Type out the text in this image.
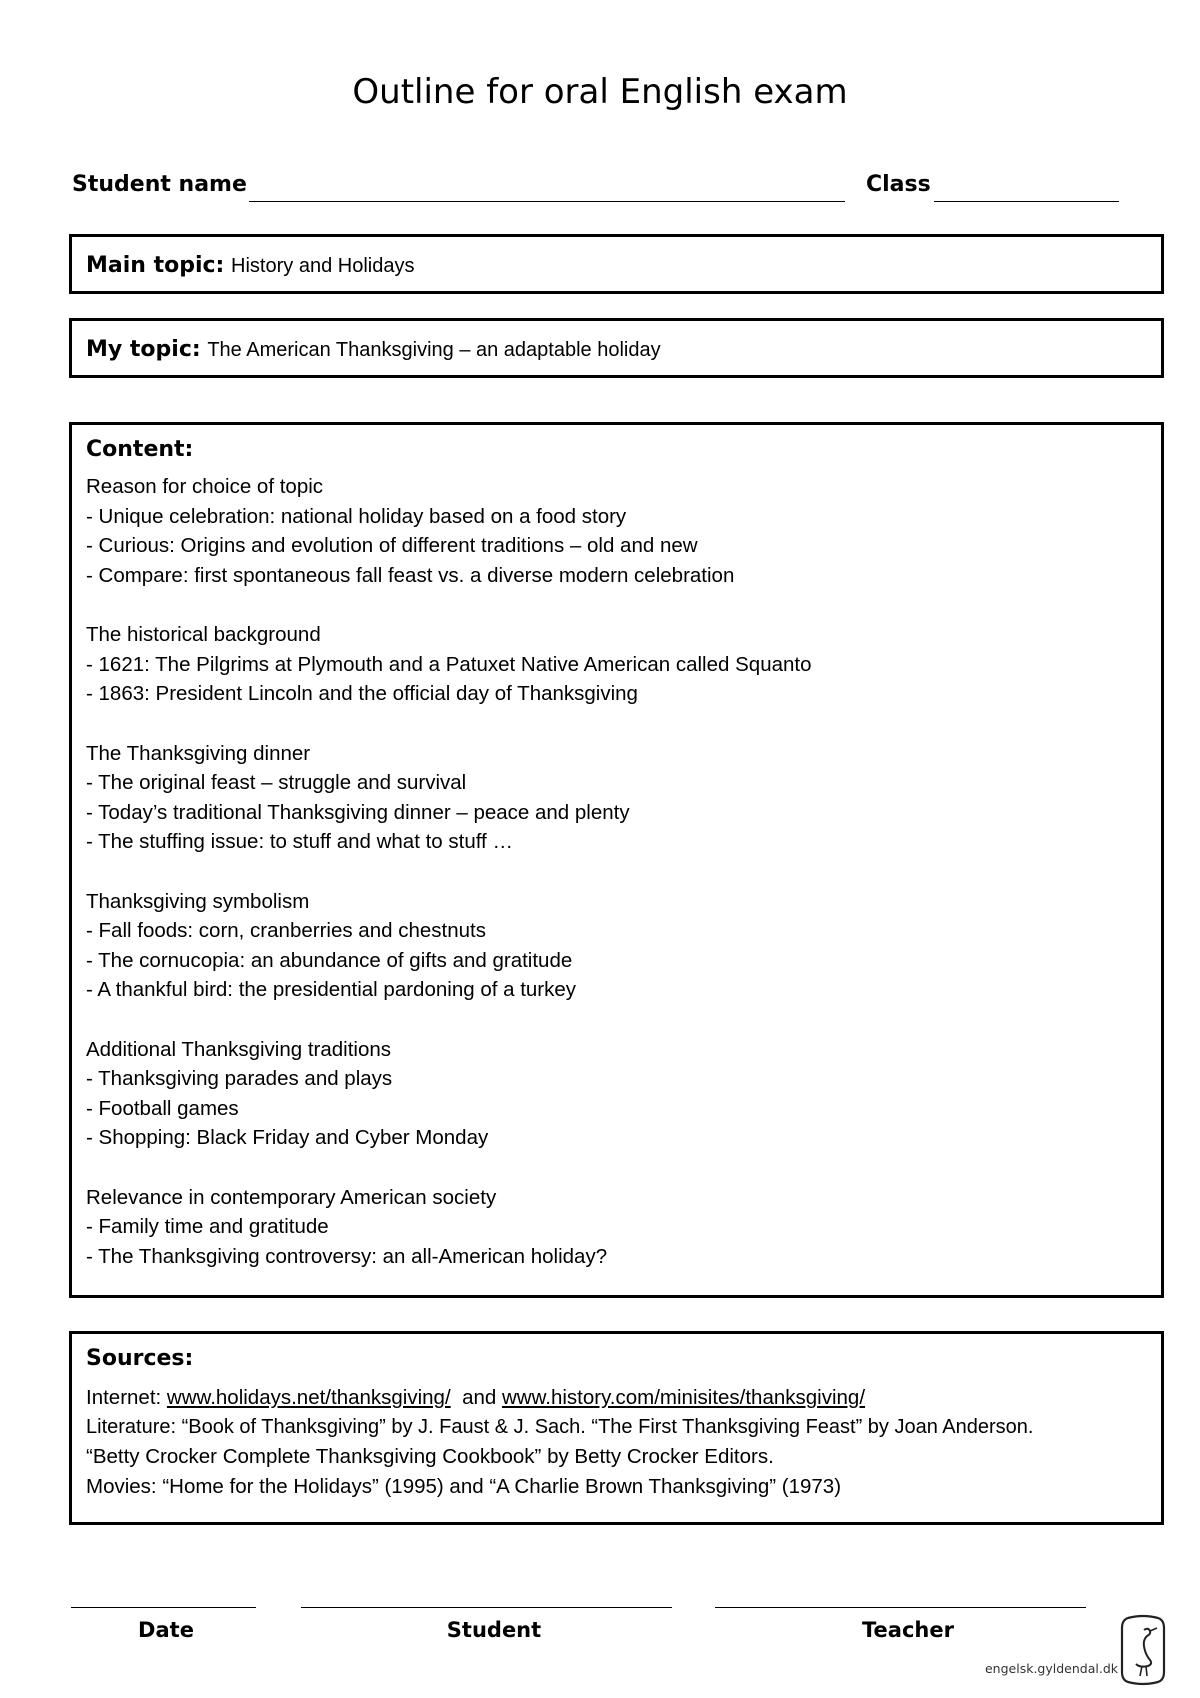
Outline for oral English exam
Student name	Class
Main topic: History and Holidays
My topic: The American Thanksgiving – an adaptable holiday
Content:
Reason for choice of topic
- Unique celebration: national holiday based on a food story
- Curious: Origins and evolution of different traditions – old and new
- Compare: first spontaneous fall feast vs. a diverse modern celebration
The historical background
- 1621: The Pilgrims at Plymouth and a Patuxet Native American called Squanto
- 1863: President Lincoln and the official day of Thanksgiving
The Thanksgiving dinner
- The original feast – struggle and survival
- Today’s traditional Thanksgiving dinner – peace and plenty
- The stuffing issue: to stuff and what to stuff …
Thanksgiving symbolism
- Fall foods: corn, cranberries and chestnuts
- The cornucopia: an abundance of gifts and gratitude
- A thankful bird: the presidential pardoning of a turkey
Additional Thanksgiving traditions
- Thanksgiving parades and plays
- Football games
- Shopping: Black Friday and Cyber Monday
Relevance in contemporary American society
- Family time and gratitude
- The Thanksgiving controversy: an all-American holiday?
Sources:
Internet: www.holidays.net/thanksgiving/  and www.history.com/minisites/thanksgiving/
Literature: “Book of Thanksgiving” by J. Faust & J. Sach. “The First Thanksgiving Feast” by Joan Anderson.
“Betty Crocker Complete Thanksgiving Cookbook” by Betty Crocker Editors.
Movies: “Home for the Holidays” (1995) and “A Charlie Brown Thanksgiving” (1973)
Date	Student	Teacher
engelsk.gyldendal.dk
